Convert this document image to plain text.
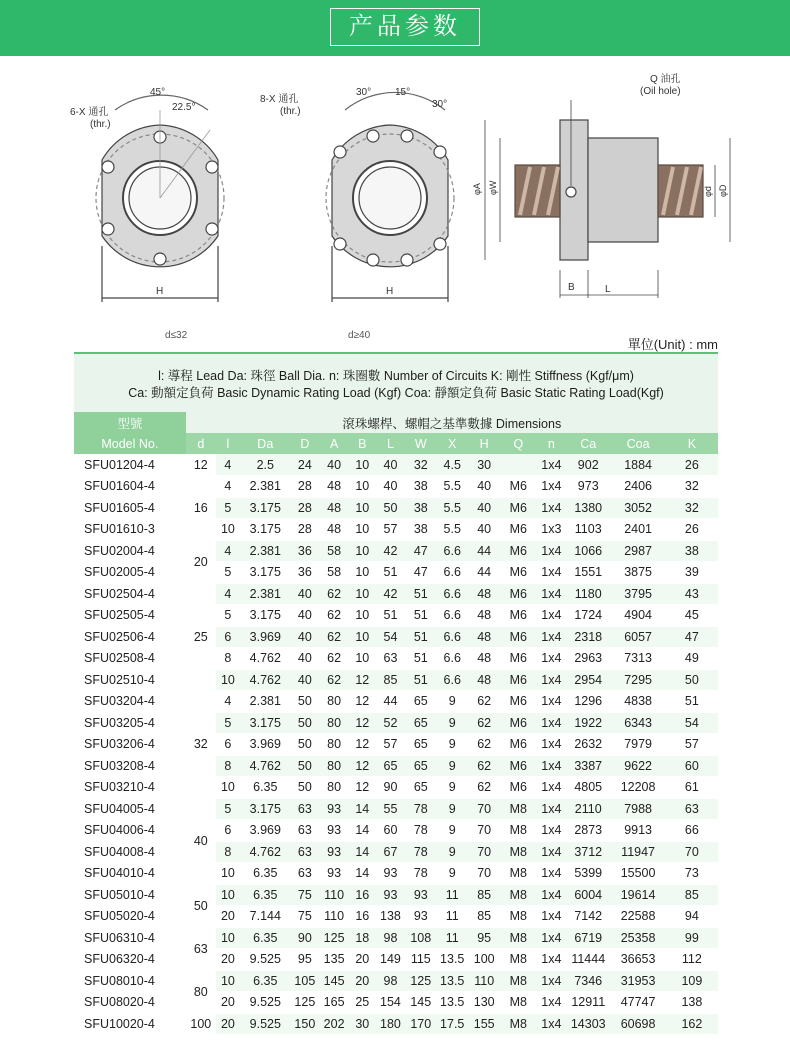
产品参数
6-X 通孔
(thr.)
45°
22.5°
H
8-X 通孔
(thr.)
30° 15°
30°
H
Q 油孔
(Oil hole)
φA φW	φd φD
B	L
d≤32	d≥40
單位(Unit) : mm
l: 導程 Lead Da: 珠徑 Ball Dia. n: 珠圈數 Number of Circuits K: 剛性 Stiffness (Kgf/μm)
Ca: 動額定負荷 Basic Dynamic Rating Load (Kgf) Coa: 靜額定負荷 Basic Static Rating Load(Kgf)
型號	滾珠螺桿、螺帽之基準數據 Dimensions														
Model No.	d	l	Da	D	A	B	L	W	X	H	Q	n	Ca	Coa	K
SFU01204-4	12	4	2.5	24	40	10	40	32	4.5	30		1x4	902	1884	26
SFU01604-4	16	4	2.381	28	48	10	40	38	5.5	40	M6	1x4	973	2406	32
SFU01605-4		5	3.175	28	48	10	50	38	5.5	40	M6	1x4	1380	3052	32
SFU01610-3		10	3.175	28	48	10	57	38	5.5	40	M6	1x3	1103	2401	26
SFU02004-4	20	4	2.381	36	58	10	42	47	6.6	44	M6	1x4	1066	2987	38
SFU02005-4		5	3.175	36	58	10	51	47	6.6	44	M6	1x4	1551	3875	39
SFU02504-4	25	4	2.381	40	62	10	42	51	6.6	48	M6	1x4	1180	3795	43
SFU02505-4		5	3.175	40	62	10	51	51	6.6	48	M6	1x4	1724	4904	45
SFU02506-4		6	3.969	40	62	10	54	51	6.6	48	M6	1x4	2318	6057	47
SFU02508-4		8	4.762	40	62	10	63	51	6.6	48	M6	1x4	2963	7313	49
SFU02510-4		10	4.762	40	62	12	85	51	6.6	48	M6	1x4	2954	7295	50
SFU03204-4	32	4	2.381	50	80	12	44	65	9	62	M6	1x4	1296	4838	51
SFU03205-4		5	3.175	50	80	12	52	65	9	62	M6	1x4	1922	6343	54
SFU03206-4		6	3.969	50	80	12	57	65	9	62	M6	1x4	2632	7979	57
SFU03208-4		8	4.762	50	80	12	65	65	9	62	M6	1x4	3387	9622	60
SFU03210-4		10	6.35	50	80	12	90	65	9	62	M6	1x4	4805	12208	61
SFU04005-4	40	5	3.175	63	93	14	55	78	9	70	M8	1x4	2110	7988	63
SFU04006-4		6	3.969	63	93	14	60	78	9	70	M8	1x4	2873	9913	66
SFU04008-4		8	4.762	63	93	14	67	78	9	70	M8	1x4	3712	11947	70
SFU04010-4		10	6.35	63	93	14	93	78	9	70	M8	1x4	5399	15500	73
SFU05010-4	50	10	6.35	75	110	16	93	93	11	85	M8	1x4	6004	19614	85
SFU05020-4		20	7.144	75	110	16	138	93	11	85	M8	1x4	7142	22588	94
SFU06310-4	63	10	6.35	90	125	18	98	108	11	95	M8	1x4	6719	25358	99
SFU06320-4		20	9.525	95	135	20	149	115	13.5	100	M8	1x4	11444	36653	112
SFU08010-4	80	10	6.35	105	145	20	98	125	13.5	110	M8	1x4	7346	31953	109
SFU08020-4		20	9.525	125	165	25	154	145	13.5	130	M8	1x4	12911	47747	138
SFU10020-4	100	20	9.525	150	202	30	180	170	17.5	155	M8	1x4	14303	60698	162
